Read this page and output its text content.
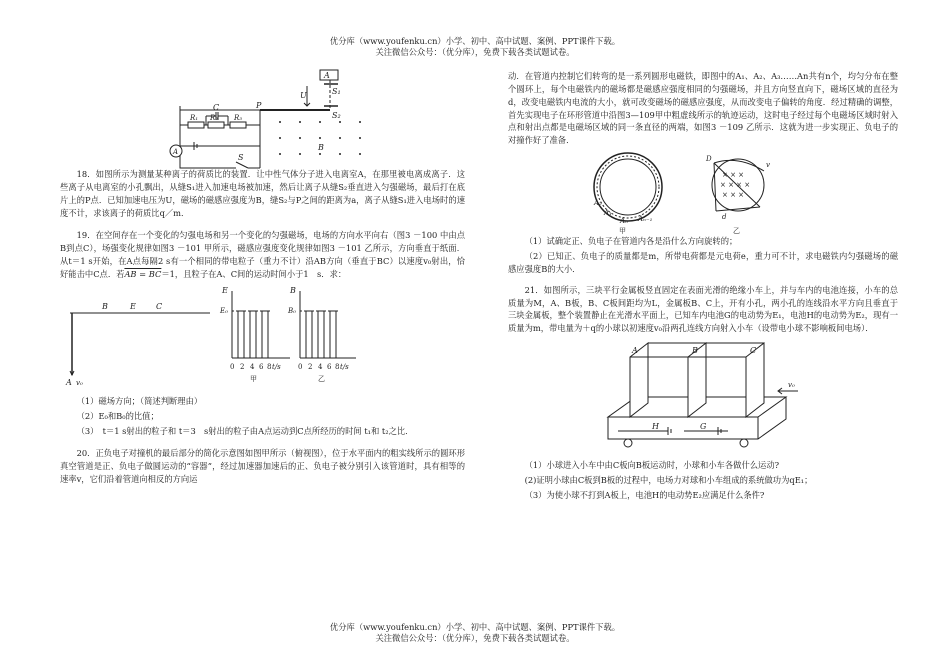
优分库（www.youfenku.cn）小学、初中、高中试题、案例、PPT课件下载。
关注微信公众号：（优分库），免费下载各类试题试卷。
A
S₁
U
S₂
P
B
C
R₁ R₂ R₃
A
S

18．如图所示为测量某种离子的荷质比的装置．让中性气体分子进入电离室A，在那里被电离成离子．这些离子从电离室的小孔飘出，从缝S₁进入加速电场被加速，然后让离子从缝S₂垂直进入匀强磁场，最后打在底片上的P点．已知加速电压为U，磁场的磁感应强度为B，缝S₂与P之间的距离为a，离子从缝S₁进入电场时的速度不计，求该离子的荷质比q／m．

19．在空间存在一个变化的匀强电场和另一个变化的匀强磁场，电场的方向水平向右（图3 －100 中由点B到点C），场强变化规律如图3 －101 甲所示，磁感应强度变化规律如图3 －101 乙所示，方向垂直于纸面．从t＝1 s开始，在A点每隔2 s有一个相同的带电粒子（重力不计）沿AB方向（垂直于BC）以速度v₀射出，恰好能击中C点．若AB = BC＝1，且粒子在A、C间的运动时间小于1　s．求：

B	E	C
A v₀
E
E₀
B
B₀
t/s	t/s
0 2 4 6 8	0 2 4 6 8
甲	乙

（1）磁场方向；（简述判断理由）

（2）E₀和B₀的比值；

（3）　t＝1 s射出的粒子和 t＝3　s射出的粒子由A点运动到C点所经历的时间 t₁和 t₂之比．

20．正负电子对撞机的最后部分的简化示意图如图甲所示（俯视图），位于水平面内的粗实线所示的圆环形真空管道是正、负电子做圆运动的“容器”，经过加速器加速后的正、负电子被分别引入该管道时，具有相等的速率v，它们沿着管道向相反的方向运

动．在管道内控制它们转弯的是一系列圆形电磁铁，即图中的A₁、A₂、A₃……An共有n个，均匀分布在整个圆环上，每个电磁铁内的磁场都是磁感应强度相同的匀强磁场，并且方向竖直向下，磁场区域的直径为d，改变电磁铁内电流的大小，就可改变磁场的磁感应强度，从而改变电子偏转的角度．经过精确的调整，首先实现电子在环形管道中沿图3—109甲中粗虚线所示的轨迹运动，这时电子经过每个电磁场区域时射入点和射出点都是电磁场区域的同一条直径的两端，如图3 －109 乙所示．这就为进一步实现正、负电子的对撞作好了准备．

× × ×
× × × ×
× × ×
甲	乙
A₁
Aₙ Aₙ₋₁
A₂
D
d
v

（1）试确定正、负电子在管道内各是沿什么方向旋转的；

（2）已知正、负电子的质量都是m，所带电荷都是元电荷e，重力可不计，求电磁铁内匀强磁场的磁感应强度B的大小．

21．如图所示，三块平行金属板竖直固定在表面光滑的绝缘小车上，并与车内的电池连接，小车的总质量为M，A、B板，B、C板间距均为L，金属板B、C上，开有小孔，两小孔的连线沿水平方向且垂直于三块金属板，整个装置静止在光滑水平面上，已知车内电池G的电动势为E₁，电池H的电动势为E₂，现有一质量为m，带电量为＋q的小球以初速度v₀沿两孔连线方向射入小车（设带电小球不影响板间电场）．

A	B	C
H	G
v₀

（1）小球进入小车中由C板向B板运动时，小球和小车各做什么运动?

(2)证明小球由C板到B板的过程中，电场力对球和小车组成的系统做功为qE₁；

（3）为使小球不打到A板上，电池H的电动势E₂应满足什么条件?

优分库（www.youfenku.cn）小学、初中、高中试题、案例、PPT课件下载。
关注微信公众号：（优分库），免费下载各类试题试卷。
